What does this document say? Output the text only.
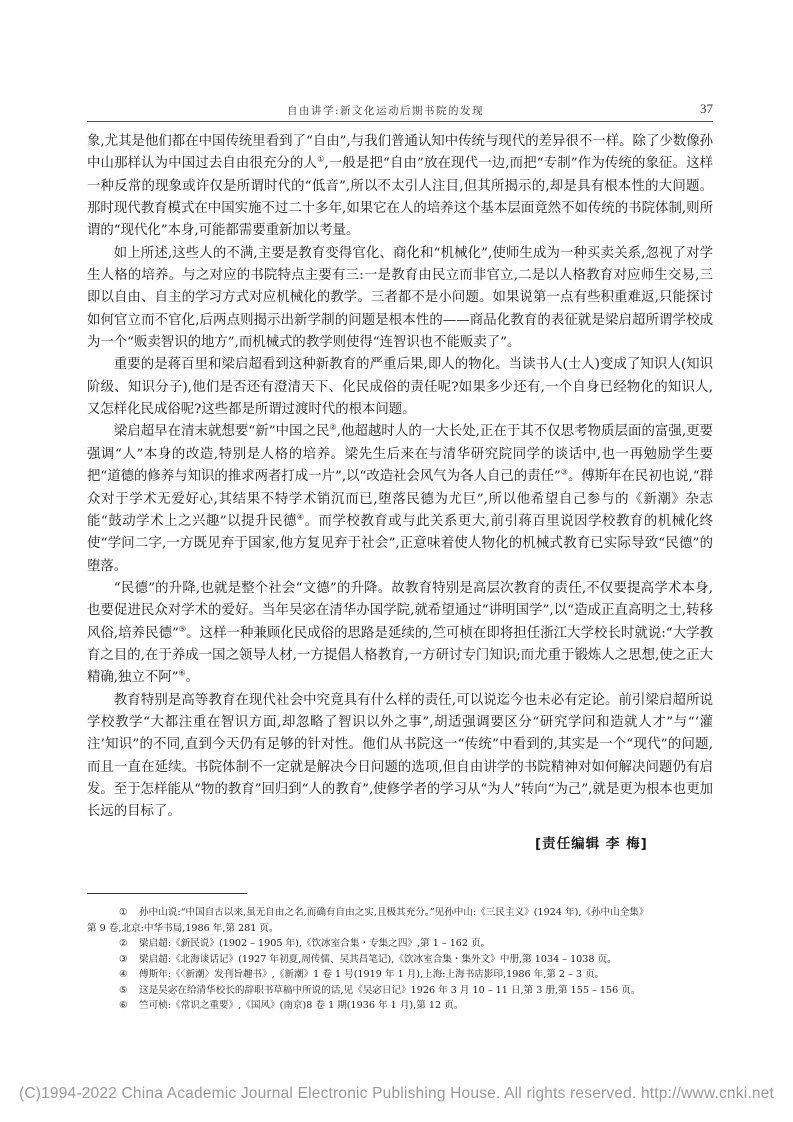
自由讲学:新文化运动后期书院的发现	37

象,尤其是他们都在中国传统里看到了“自由”,与我们普通认知中传统与现代的差异很不一样。除了少数像孙中山那样认为中国过去自由很充分的人①,一般是把“自由”放在现代一边,而把“专制”作为传统的象征。这样一种反常的现象或许仅是所谓时代的“低音”,所以不太引人注目,但其所揭示的,却是具有根本性的大问题。那时现代教育模式在中国实施不过二十多年,如果它在人的培养这个基本层面竟然不如传统的书院体制,则所谓的“现代化”本身,可能都需要重新加以考量。

如上所述,这些人的不满,主要是教育变得官化、商化和“机械化”,使师生成为一种买卖关系,忽视了对学生人格的培养。与之对应的书院特点主要有三:一是教育由民立而非官立,二是以人格教育对应师生交易,三即以自由、自主的学习方式对应机械化的教学。三者都不是小问题。如果说第一点有些积重难返,只能探讨如何官立而不官化,后两点则揭示出新学制的问题是根本性的——商品化教育的表征就是梁启超所谓学校成为一个“贩卖智识的地方”,而机械式的教学则使得“连智识也不能贩卖了”。

重要的是蒋百里和梁启超看到这种新教育的严重后果,即人的物化。当读书人(士人)变成了知识人(知识阶级、知识分子),他们是否还有澄清天下、化民成俗的责任呢?如果多少还有,一个自身已经物化的知识人,又怎样化民成俗呢?这些都是所谓过渡时代的根本问题。

梁启超早在清末就想要“新”中国之民②,他超越时人的一大长处,正在于其不仅思考物质层面的富强,更要强调“人”本身的改造,特别是人格的培养。梁先生后来在与清华研究院同学的谈话中,也一再勉励学生要把“道德的修养与知识的推求两者打成一片”,以“改造社会风气为各人自己的责任”③。傅斯年在民初也说,“群众对于学术无爱好心,其结果不特学术销沉而已,堕落民德为尤巨”,所以他希望自己参与的《新潮》杂志能“鼓动学术上之兴趣”以提升民德④。而学校教育或与此关系更大,前引蒋百里说因学校教育的机械化终使“学问二字,一方既见弃于国家,他方复见弃于社会”,正意味着使人物化的机械式教育已实际导致“民德”的堕落。

“民德”的升降,也就是整个社会“文德”的升降。故教育特别是高层次教育的责任,不仅要提高学术本身,也要促进民众对学术的爱好。当年吴宓在清华办国学院,就希望通过“讲明国学”,以“造成正直高明之士,转移风俗,培养民德”⑤。这样一种兼顾化民成俗的思路是延续的,竺可桢在即将担任浙江大学校长时就说:“大学教育之目的,在于养成一国之领导人材,一方提倡人格教育,一方研讨专门知识;而尤重于锻炼人之思想,使之正大精确,独立不阿”⑥。

教育特别是高等教育在现代社会中究竟具有什么样的责任,可以说迄今也未必有定论。前引梁启超所说学校教学“大都注重在智识方面,却忽略了智识以外之事”,胡适强调要区分“研究学问和造就人才”与“‘灌注’知识”的不同,直到今天仍有足够的针对性。他们从书院这一“传统”中看到的,其实是一个“现代”的问题,而且一直在延续。书院体制不一定就是解决今日问题的选项,但自由讲学的书院精神对如何解决问题仍有启发。至于怎样能从“物的教育”回归到“人的教育”,使修学者的学习从“为人”转向“为己”,就是更为根本也更加长远的目标了。

[责任编辑 李 梅]
①	孙中山说:“中国自古以来,虽无自由之名,而确有自由之实,且极其充分。”见孙中山:《三民主义》(1924 年),《孙中山全集》
第 9 卷,北京:中华书局,1986 年,第 281 页。
②	梁启超:《新民说》(1902 – 1905 年),《饮冰室合集・专集之四》,第 1 – 162 页。
③	梁启超:《北海谈话记》(1927 年初夏,周传儒、吴其昌笔记),《饮冰室合集・集外文》中册,第 1034 – 1038 页。
④	傅斯年:《〈新潮〉发刊旨趣书》,《新潮》1 卷 1 号(1919 年 1 月),上海:上海书店影印,1986 年,第 2 – 3 页。
⑤	这是吴宓在给清华校长的辞职书草稿中所说的话,见《吴宓日记》1926 年 3 月 10 – 11 日,第 3 册,第 155 – 156 页。
⑥	竺可桢:《常识之重要》,《国风》(南京)8 卷 1 期(1936 年 1 月),第 12 页。
(C)1994-2022 China Academic Journal Electronic Publishing House. All rights reserved. http://www.cnki.net
